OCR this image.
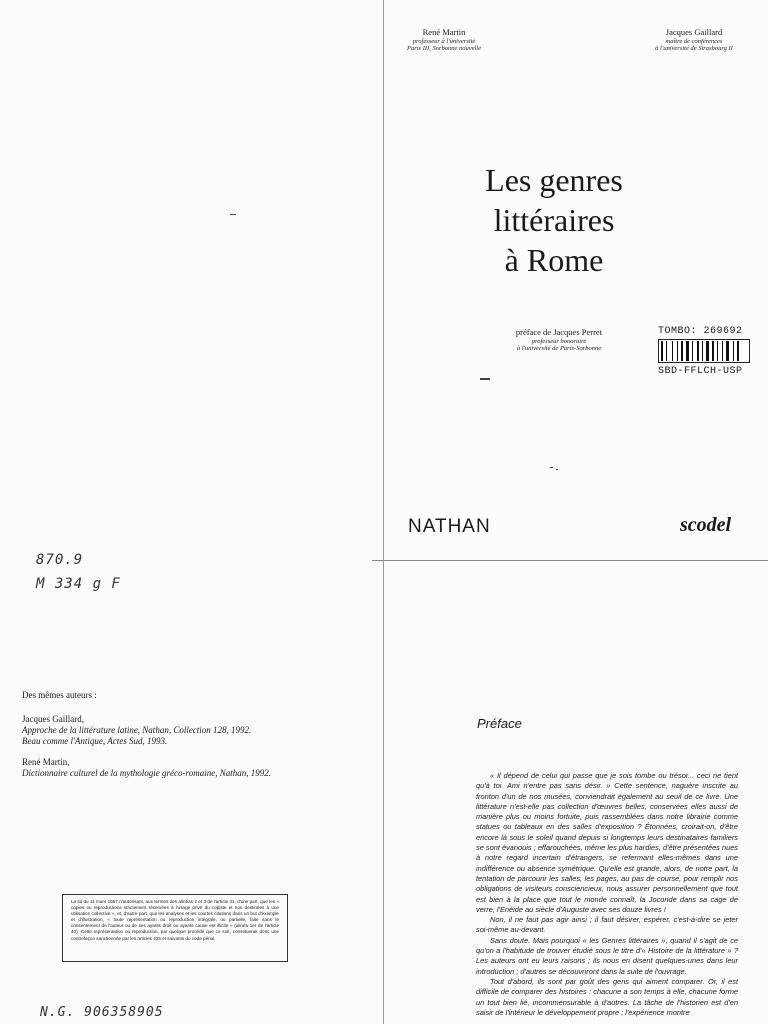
870.9
M 334 g F
Des mêmes auteurs :
Jacques Gaillard,
Approche de la littérature latine, Nathan, Collection 128, 1992.
Beau comme l'Antique, Actes Sud, 1993.
René Martin,
Dictionnaire culturel de la mythologie gréco-romaine, Nathan, 1992.
La loi du 11 mars 1957 n'autorisant, aux termes des alinéas 2 et 3 de l'article 41, d'une part, que les « copies ou reproductions strictement réservées à l'usage privé du copiste et non destinées à une utilisation collective », et, d'autre part, que les analyses et les courtes citations dans un but d'exemple et d'illustration, « toute représentation ou reproduction intégrale, ou partielle, faite sans le consentement de l'auteur ou de ses ayants droit ou ayants cause est illicite » (alinéa 1er de l'article 40). Cette représentation ou reproduction, par quelque procédé que ce soit, constituerait donc une contrefaçon sanctionnée par les articles 425 et suivants du code pénal.
N.G. 906358905
René Martin
professeur à l'université
Paris III, Sorbonne nouvelle
Jacques Gaillard
maître de conférences
à l'université de Strasbourg II
Les genres
littéraires
à Rome
préface de Jacques Perret
professeur honoraire
à l'université de Paris-Sorbonne
TOMBO: 269692
SBD-FFLCH-USP
NATHAN	scodel
Préface

« Il dépend de celui qui passe que je sois tombe ou trésor... ceci ne tient qu'à toi. Ami n'entre pas sans désir. » Cette sentence, naguère inscrite au fronton d'un de nos musées, conviendrait également au seuil de ce livre. Une littérature n'est-elle pas collection d'œuvres belles, conservées elles aussi de manière plus ou moins fortuite, puis rassemblées dans notre librairie comme statues ou tableaux en des salles d'exposition ? Étonnées, croirait-on, d'être encore là sous le soleil quand depuis si longtemps leurs destinataires familiers se sont évanouis ; effarouchées, même les plus hardies, d'être présentées nues à notre regard incertain d'étrangers, se refermant elles-mêmes dans une indifférence ou absence symétrique. Qu'elle est grande, alors, de notre part, la tentation de parcourir les salles, les pages, au pas de course, pour remplir nos obligations de visiteurs consciencieux, nous assurer personnellement que tout est bien à la place que tout le monde connaît, la Joconde dans sa cage de verre, l'Enéide au siècle d'Auguste avec ses douze livres !

Non, il ne faut pas agir ainsi ; il faut désirer, espérer, c'est-à-dire se jeter soi-même au-devant.

Sans doute. Mais pourquoi « les Genres littéraires », quand il s'agit de ce qu'on a l'habitude de trouver étudié sous le titre d'« Histoire de la littérature » ? Les auteurs ont eu leurs raisons ; ils nous en disent quelques-unes dans leur introduction ; d'autres se découvriront dans la suite de l'ouvrage.

Tout d'abord, ils sont par goût des gens qui aiment comparer. Or, il est difficile de comparer des histoires : chacune a son temps à elle, chacune forme un tout bien lié, incommensurable à d'autres. La tâche de l'historien est d'en saisir de l'intérieur le développement propre ; l'expérience montre
